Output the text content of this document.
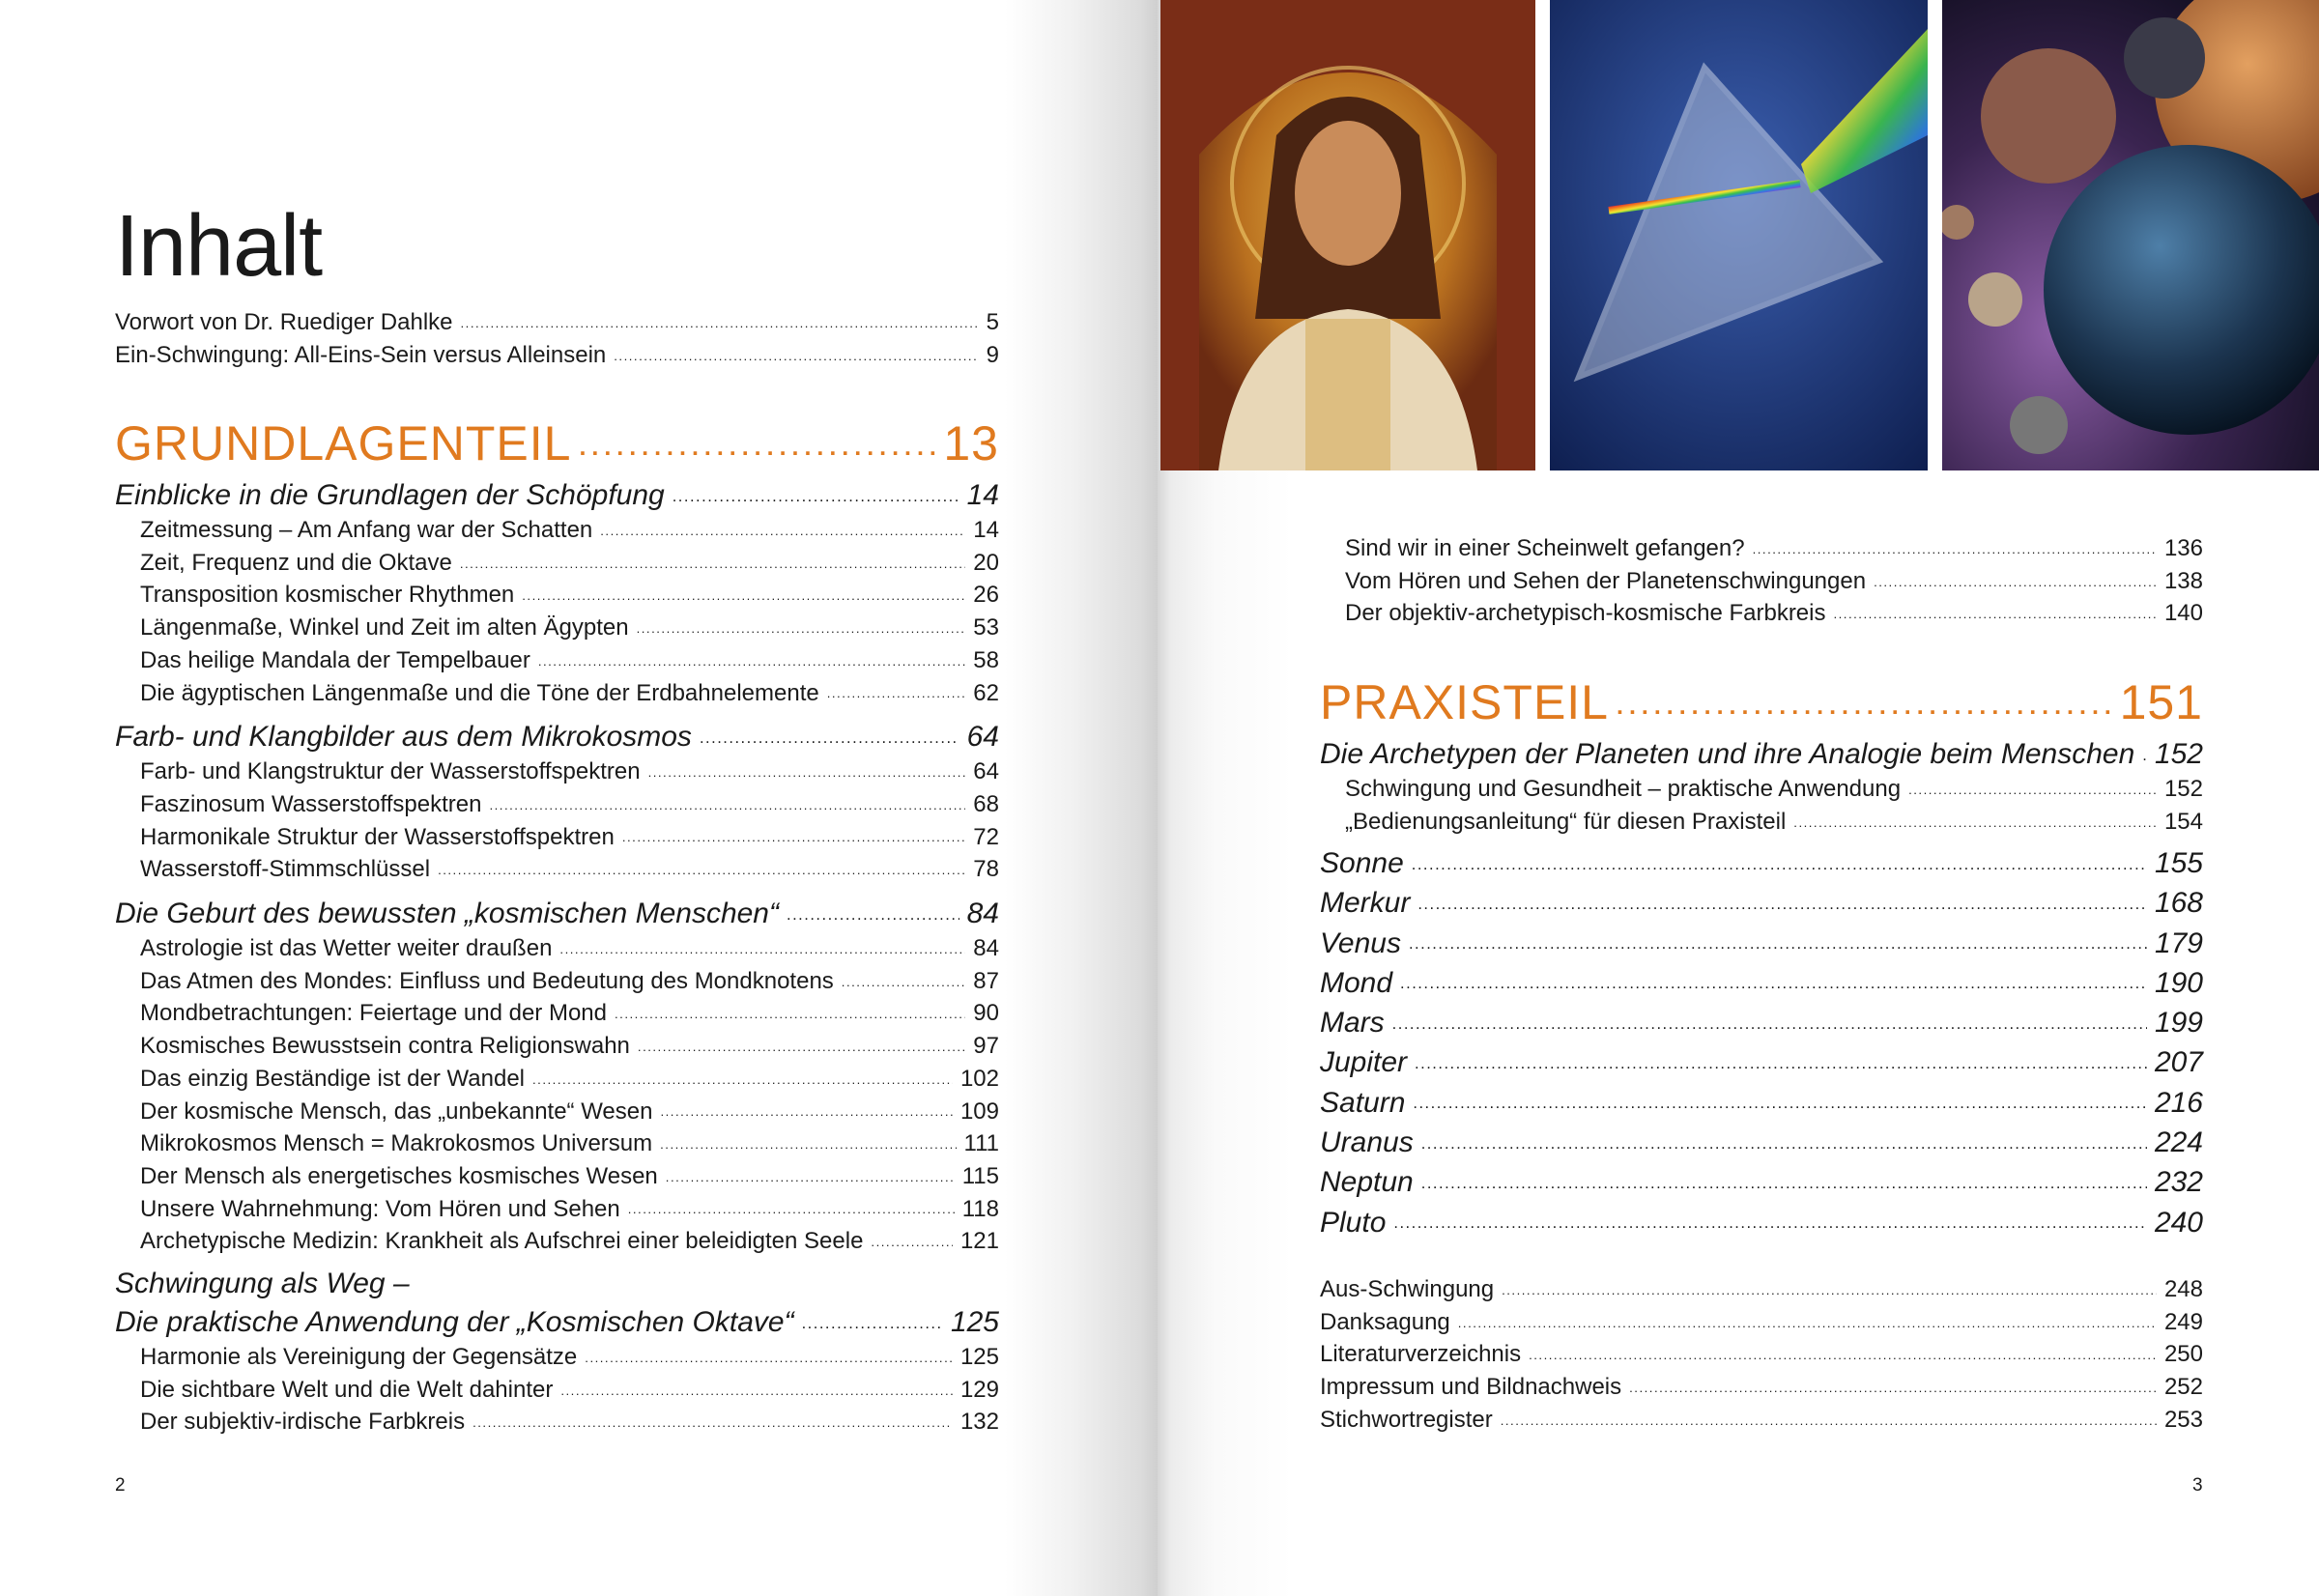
Inhalt
Vorwort von Dr. Ruediger Dahlke .....	5
Ein-Schwingung: All-Eins-Sein versus Alleinsein .....	9
GRUNDLAGENTEIL .....	13
Einblicke in die Grundlagen der Schöpfung .....	14
Zeitmessung – Am Anfang war der Schatten .....	14
Zeit, Frequenz und die Oktave .....	20
Transposition kosmischer Rhythmen .....	26
Längenmaße, Winkel und Zeit im alten Ägypten .....	53
Das heilige Mandala der Tempelbauer .....	58
Die ägyptischen Längenmaße und die Töne der Erdbahnelemente .....	62
Farb- und Klangbilder aus dem Mikrokosmos .....	64
Farb- und Klangstruktur der Wasserstoffspektren .....	64
Faszinosum Wasserstoffspektren .....	68
Harmonikale Struktur der Wasserstoffspektren .....	72
Wasserstoff-Stimmschlüssel .....	78
Die Geburt des bewussten „kosmischen Menschen“ .....	84
Astrologie ist das Wetter weiter draußen .....	84
Das Atmen des Mondes: Einfluss und Bedeutung des Mondknotens .....	87
Mondbetrachtungen: Feiertage und der Mond .....	90
Kosmisches Bewusstsein contra Religionswahn .....	97
Das einzig Beständige ist der Wandel .....	102
Der kosmische Mensch, das „unbekannte“ Wesen .....	109
Mikrokosmos Mensch = Makrokosmos Universum .....	111
Der Mensch als energetisches kosmisches Wesen .....	115
Unsere Wahrnehmung: Vom Hören und Sehen .....	118
Archetypische Medizin: Krankheit als Aufschrei einer beleidigten Seele .....	121
Schwingung als Weg –
Die praktische Anwendung der „Kosmischen Oktave“ .....	125
Harmonie als Vereinigung der Gegensätze .....	125
Die sichtbare Welt und die Welt dahinter .....	129
Der subjektiv-irdische Farbkreis .....	132
2
Sind wir in einer Scheinwelt gefangen? .....	136
Vom Hören und Sehen der Planetenschwingungen .....	138
Der objektiv-archetypisch-kosmische Farbkreis .....	140
PRAXISTEIL .....	151
Die Archetypen der Planeten und ihre Analogie beim Menschen ..... 152
Schwingung und Gesundheit – praktische Anwendung .....	152
„Bedienungsanleitung“ für diesen Praxisteil .....	154
Sonne .....	155
Merkur .....	168
Venus .....	179
Mond .....	190
Mars .....	199
Jupiter .....	207
Saturn .....	216
Uranus .....	224
Neptun .....	232
Pluto .....	240
Aus-Schwingung .....	248
Danksagung .....	249
Literaturverzeichnis .....	250
Impressum und Bildnachweis .....	252
Stichwortregister .....	253
3
